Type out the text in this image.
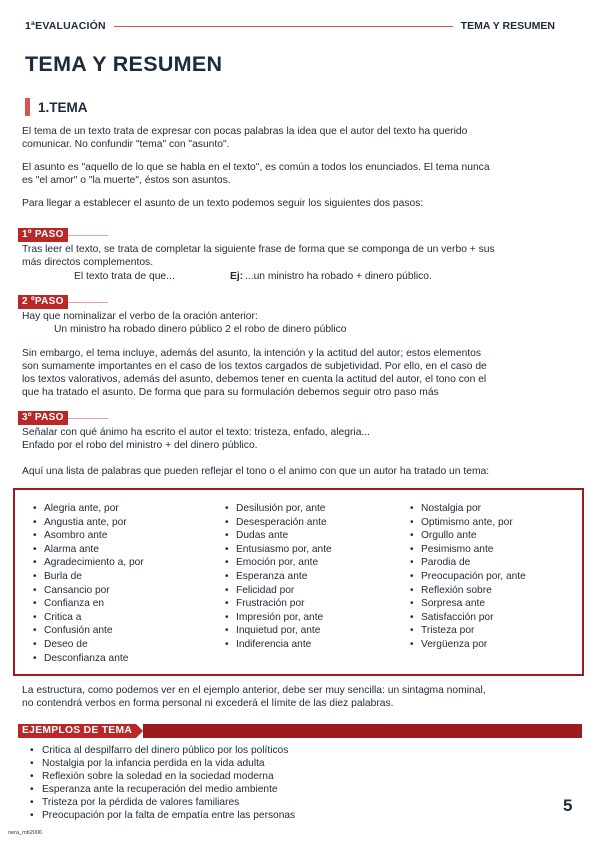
1ªEVALUACIÓN	TEMA Y RESUMEN
TEMA Y RESUMEN
1.TEMA
El tema de un texto trata de expresar con pocas palabras la idea que el autor del texto ha querido
comunicar. No confundir "tema" con "asunto".
El asunto es "aquello de lo que se habla en el texto", es común a todos los enunciados. El tema nunca
es "el amor" o "la muerte", éstos son asuntos.
Para llegar a establecer el asunto de un texto podemos seguir los siguientes dos pasos:
1º PASO
Tras leer el texto, se trata de completar la siguiente frase de forma que se componga de un verbo + sus
más directos complementos.
El texto trata de que...	Ej: ...un ministro ha robado + dinero público.
2 ºPASO
Hay que nominalizar el verbo de la oración anterior:
Un ministro ha robado dinero público 2 el robo de dinero público
Sin embargo, el tema incluye, además del asunto, la intención y la actitud del autor; estos elementos
son sumamente importantes en el caso de los textos cargados de subjetividad. Por ello, en el caso de
los textos valorativos, además del asunto, debemos tener en cuenta la actitud del autor, el tono con el
que ha tratado el asunto. De forma que para su formulación debemos seguir otro paso más
3º PASO
Señalar con qué ánimo ha escrito el autor el texto: tristeza, enfado, alegria...
Enfado por el robo del ministro + del dinero público.
Aquí una lista de palabras que pueden reflejar el tono o el animo con que un autor ha tratado un tema:
• Alegria ante, por
• Angustia ante, por
• Asombro ante
• Alarma ante
• Agradecimiento a, por
• Burla de
• Cansancio por
• Confianza en
• Critica a
• Confusión ante
• Deseo de
• Desconfianza ante
• Desilusión por, ante
• Desesperación ante
• Dudas ante
• Entusiasmo por, ante
• Emoción por, ante
• Esperanza ante
• Felicidad por
• Frustración por
• Impresión por, ante
• Inquietud por, ante
• Indiferencia ante
• Nostalgia por
• Optimismo ante, por
• Orgullo ante
• Pesimismo ante
• Parodia de
• Preocupación por, ante
• Reflexión sobre
• Sorpresa ante
• Satisfacción por
• Tristeza por
• Vergüenza por
La estructura, como podemos ver en el ejemplo anterior, debe ser muy sencilla: un sintagma nominal,
no contendrá verbos en forma personal ni excederá el límite de las diez palabras.
EJEMPLOS DE TEMA
• Critica al despilfarro del dinero público por los políticos
• Nostalgia por la infancia perdida en la vida adulta
• Reflexión sobre la soledad en la sociedad moderna
• Esperanza ante la recuperación del medio ambiente
• Tristeza por la pérdida de valores familiares
• Preocupación por la falta de empatía entre las personas
5
nera_mb2006
